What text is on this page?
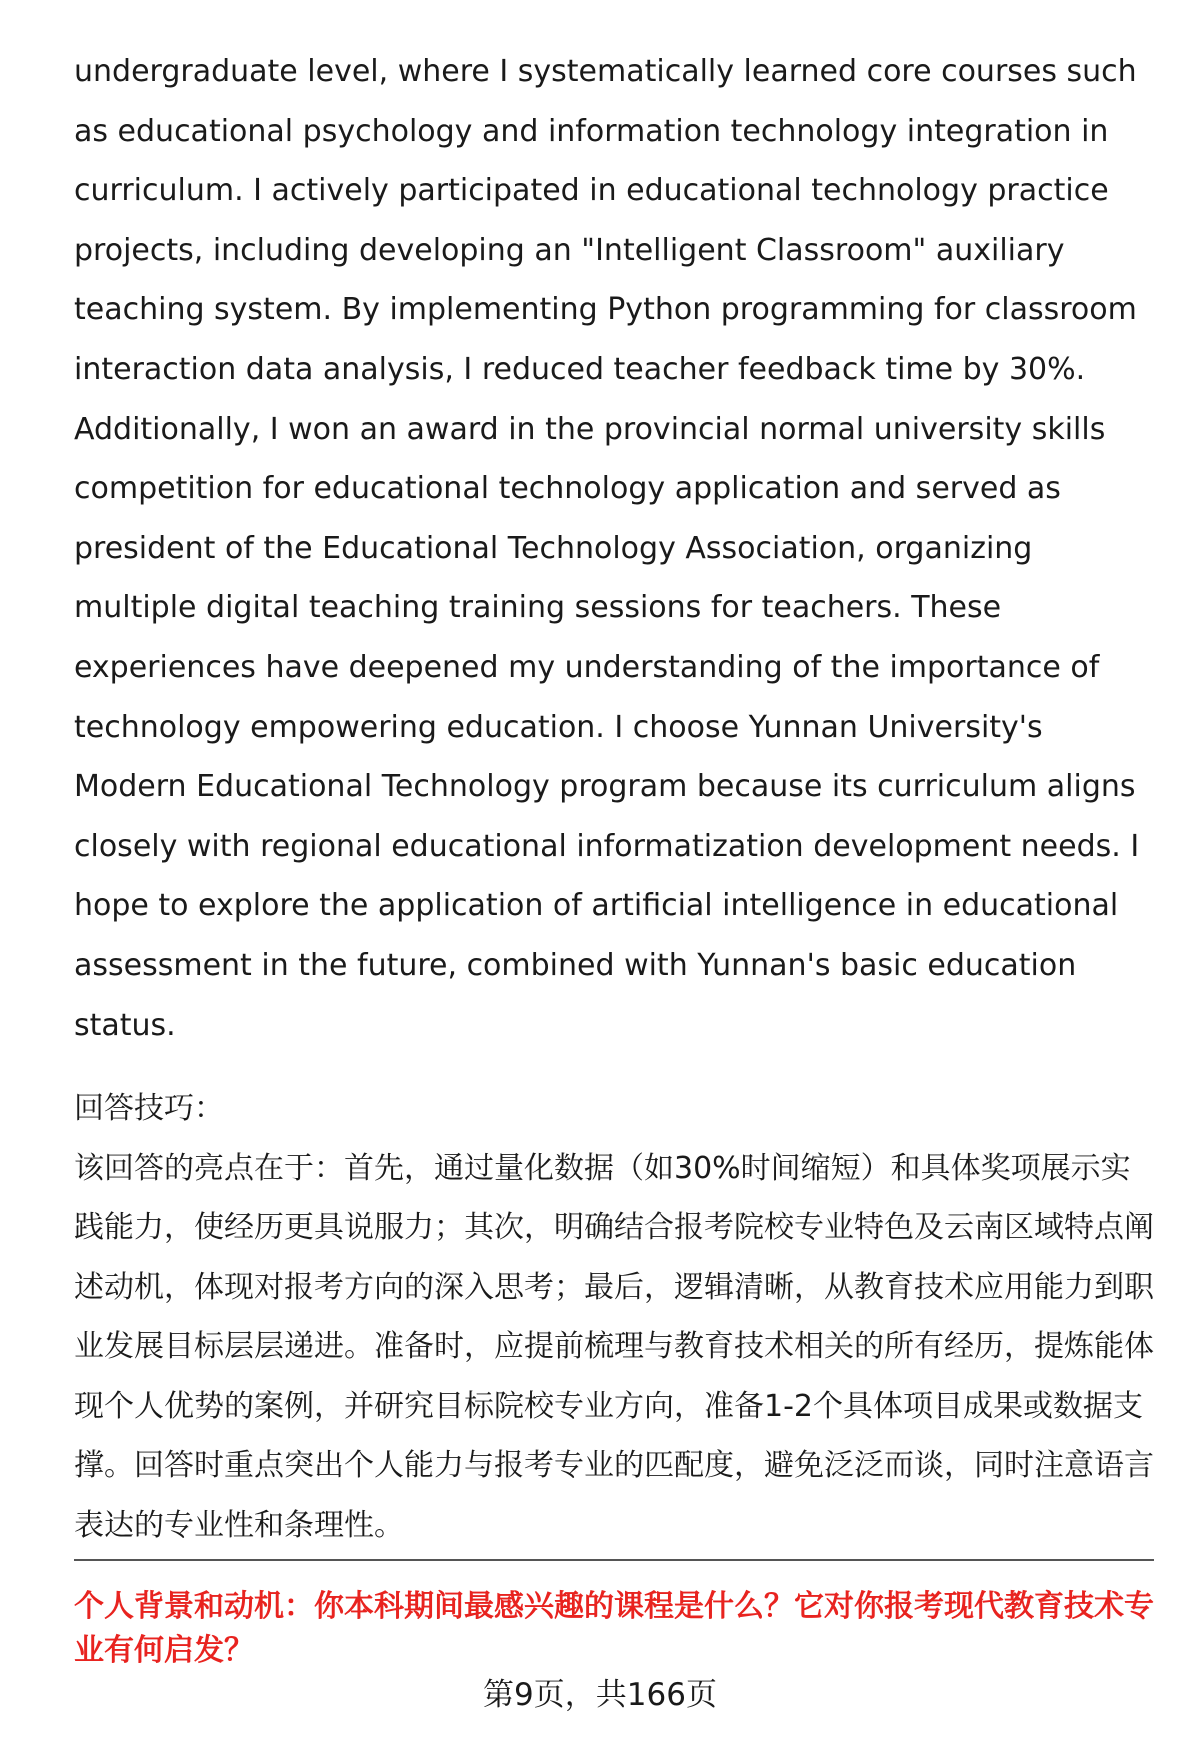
undergraduate level, where I systematically learned core courses such as educational psychology and information technology integration in curriculum. I actively participated in educational technology practice projects, including developing an "Intelligent Classroom" auxiliary teaching system. By implementing Python programming for classroom interaction data analysis, I reduced teacher feedback time by 30%. Additionally, I won an award in the provincial normal university skills competition for educational technology application and served as president of the Educational Technology Association, organizing multiple digital teaching training sessions for teachers. These experiences have deepened my understanding of the importance of technology empowering education. I choose Yunnan University's Modern Educational Technology program because its curriculum aligns closely with regional educational informatization development needs. I hope to explore the application of artificial intelligence in educational assessment in the future, combined with Yunnan's basic education status.

回答技巧：

该回答的亮点在于：首先，通过量化数据（如30%时间缩短）和具体奖项展示实践能力，使经历更具说服力；其次，明确结合报考院校专业特色及云南区域特点阐述动机，体现对报考方向的深入思考；最后，逻辑清晰，从教育技术应用能力到职业发展目标层层递进。准备时，应提前梳理与教育技术相关的所有经历，提炼能体现个人优势的案例，并研究目标院校专业方向，准备1-2个具体项目成果或数据支撑。回答时重点突出个人能力与报考专业的匹配度，避免泛泛而谈，同时注意语言表达的专业性和条理性。

个人背景和动机：你本科期间最感兴趣的课程是什么？它对你报考现代教育技术专业有何启发？

第9页，共166页
